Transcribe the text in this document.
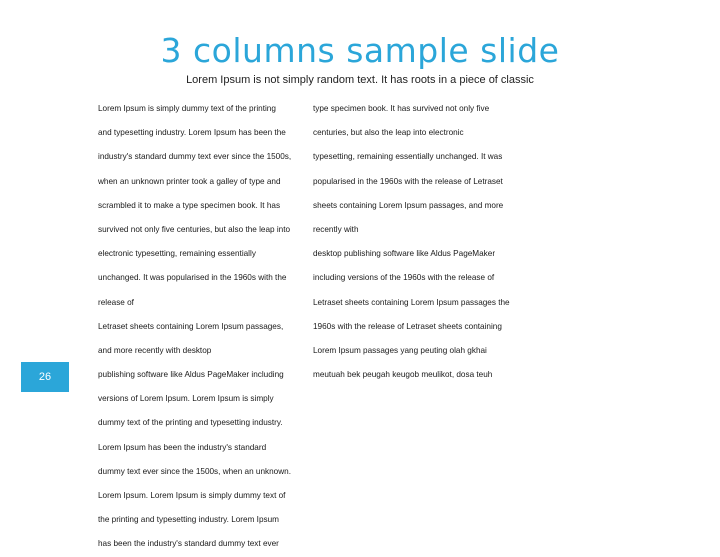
3 columns sample slide
Lorem Ipsum is not simply random text. It has roots in a piece of classic
Lorem Ipsum is simply dummy text of the printing
and typesetting industry. Lorem Ipsum has been the
industry's standard dummy text ever since the 1500s,
when an unknown printer took a galley of type and
scrambled it to make a type specimen book. It has
survived not only five centuries, but also the leap into
electronic typesetting, remaining essentially
unchanged. It was popularised in the 1960s with the
release of
Letraset sheets containing Lorem Ipsum passages,
and more recently with desktop
publishing software like Aldus PageMaker including
versions of Lorem Ipsum. Lorem Ipsum is simply
dummy text of the printing and typesetting industry.
Lorem Ipsum has been the industry's standard
dummy text ever since the 1500s, when an unknown.
Lorem Ipsum. Lorem Ipsum is simply dummy text of
the printing and typesetting industry. Lorem Ipsum
has been the industry's standard dummy text ever
type specimen book. It has survived not only five
centuries, but also the leap into electronic
typesetting, remaining essentially unchanged. It was
popularised in the 1960s with the release of Letraset
sheets containing Lorem Ipsum passages, and more
recently with
desktop publishing software like Aldus PageMaker
including versions of the 1960s with the release of
Letraset sheets containing Lorem Ipsum passages the
1960s with the release of Letraset sheets containing
Lorem Ipsum passages yang peuting olah gkhai
meutuah bek peugah keugob meulikot, dosa teuh
26
